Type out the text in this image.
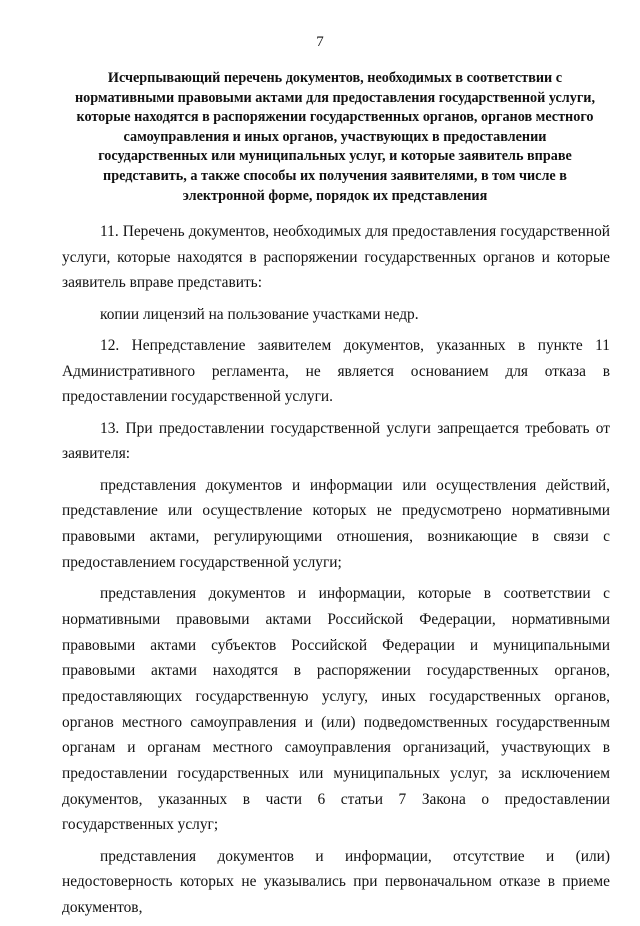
7
Исчерпывающий перечень документов, необходимых в соответствии с нормативными правовыми актами для предоставления государственной услуги, которые находятся в распоряжении государственных органов, органов местного самоуправления и иных органов, участвующих в предоставлении государственных или муниципальных услуг, и которые заявитель вправе представить, а также способы их получения заявителями, в том числе в электронной форме, порядок их представления

11. Перечень документов, необходимых для предоставления государственной услуги, которые находятся в распоряжении государственных органов и которые заявитель вправе представить:

копии лицензий на пользование участками недр.

12. Непредставление заявителем документов, указанных в пункте 11 Административного регламента, не является основанием для отказа в предоставлении государственной услуги.

13. При предоставлении государственной услуги запрещается требовать от заявителя:

представления документов и информации или осуществления действий, представление или осуществление которых не предусмотрено нормативными правовыми актами, регулирующими отношения, возникающие в связи с предоставлением государственной услуги;

представления документов и информации, которые в соответствии с нормативными правовыми актами Российской Федерации, нормативными правовыми актами субъектов Российской Федерации и муниципальными правовыми актами находятся в распоряжении государственных органов, предоставляющих государственную услугу, иных государственных органов, органов местного самоуправления и (или) подведомственных государственным органам и органам местного самоуправления организаций, участвующих в предоставлении государственных или муниципальных услуг, за исключением документов, указанных в части 6 статьи 7 Закона о предоставлении государственных услуг;

представления документов и информации, отсутствие и (или) недостоверность которых не указывались при первоначальном отказе в приеме документов,
